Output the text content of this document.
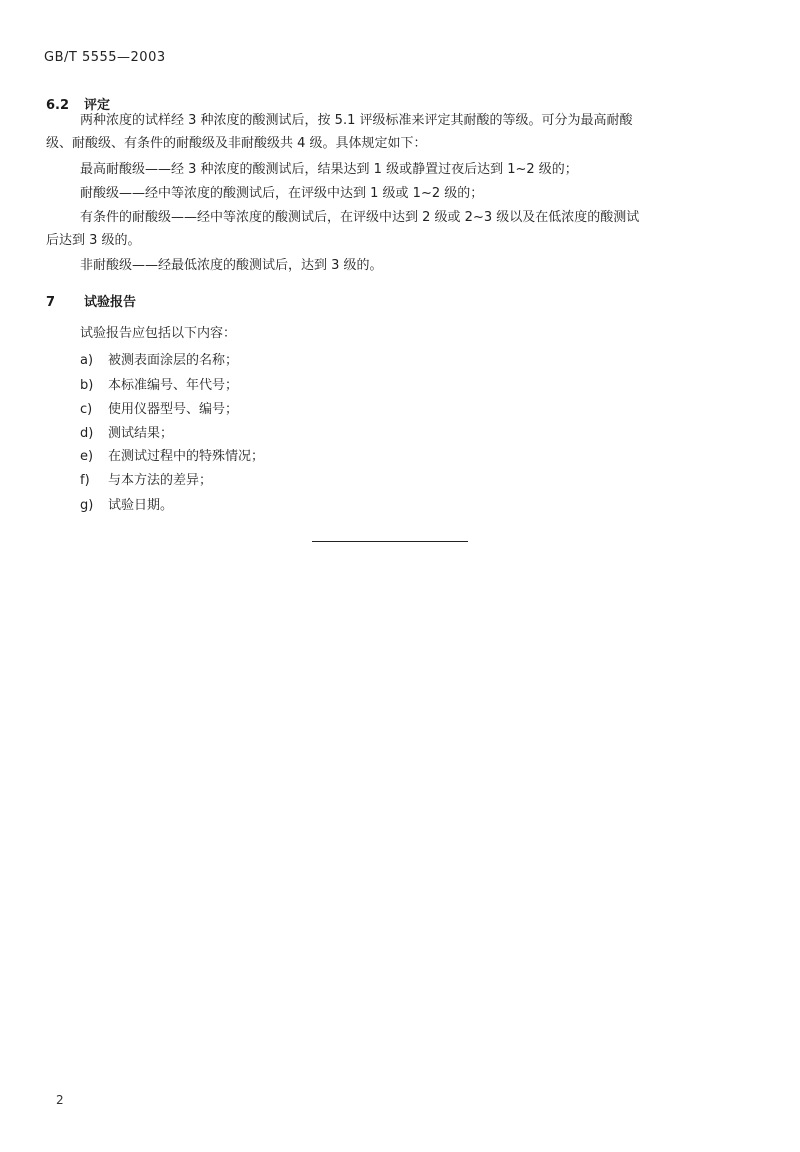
GB/T 5555—2003
6.2 评定
两种浓度的试样经 3 种浓度的酸测试后，按 5.1 评级标准来评定其耐酸的等级。可分为最高耐酸
级、耐酸级、有条件的耐酸级及非耐酸级共 4 级。具体规定如下：
最高耐酸级——经 3 种浓度的酸测试后，结果达到 1 级或静置过夜后达到 1~2 级的；
耐酸级——经中等浓度的酸测试后，在评级中达到 1 级或 1~2 级的；
有条件的耐酸级——经中等浓度的酸测试后，在评级中达到 2 级或 2~3 级以及在低浓度的酸测试
后达到 3 级的。
非耐酸级——经最低浓度的酸测试后，达到 3 级的。
7 试验报告
试验报告应包括以下内容：
a) 被测表面涂层的名称；
b) 本标准编号、年代号；
c) 使用仪器型号、编号；
d) 测试结果；
e) 在测试过程中的特殊情况；
f) 与本方法的差异；
g) 试验日期。
2
